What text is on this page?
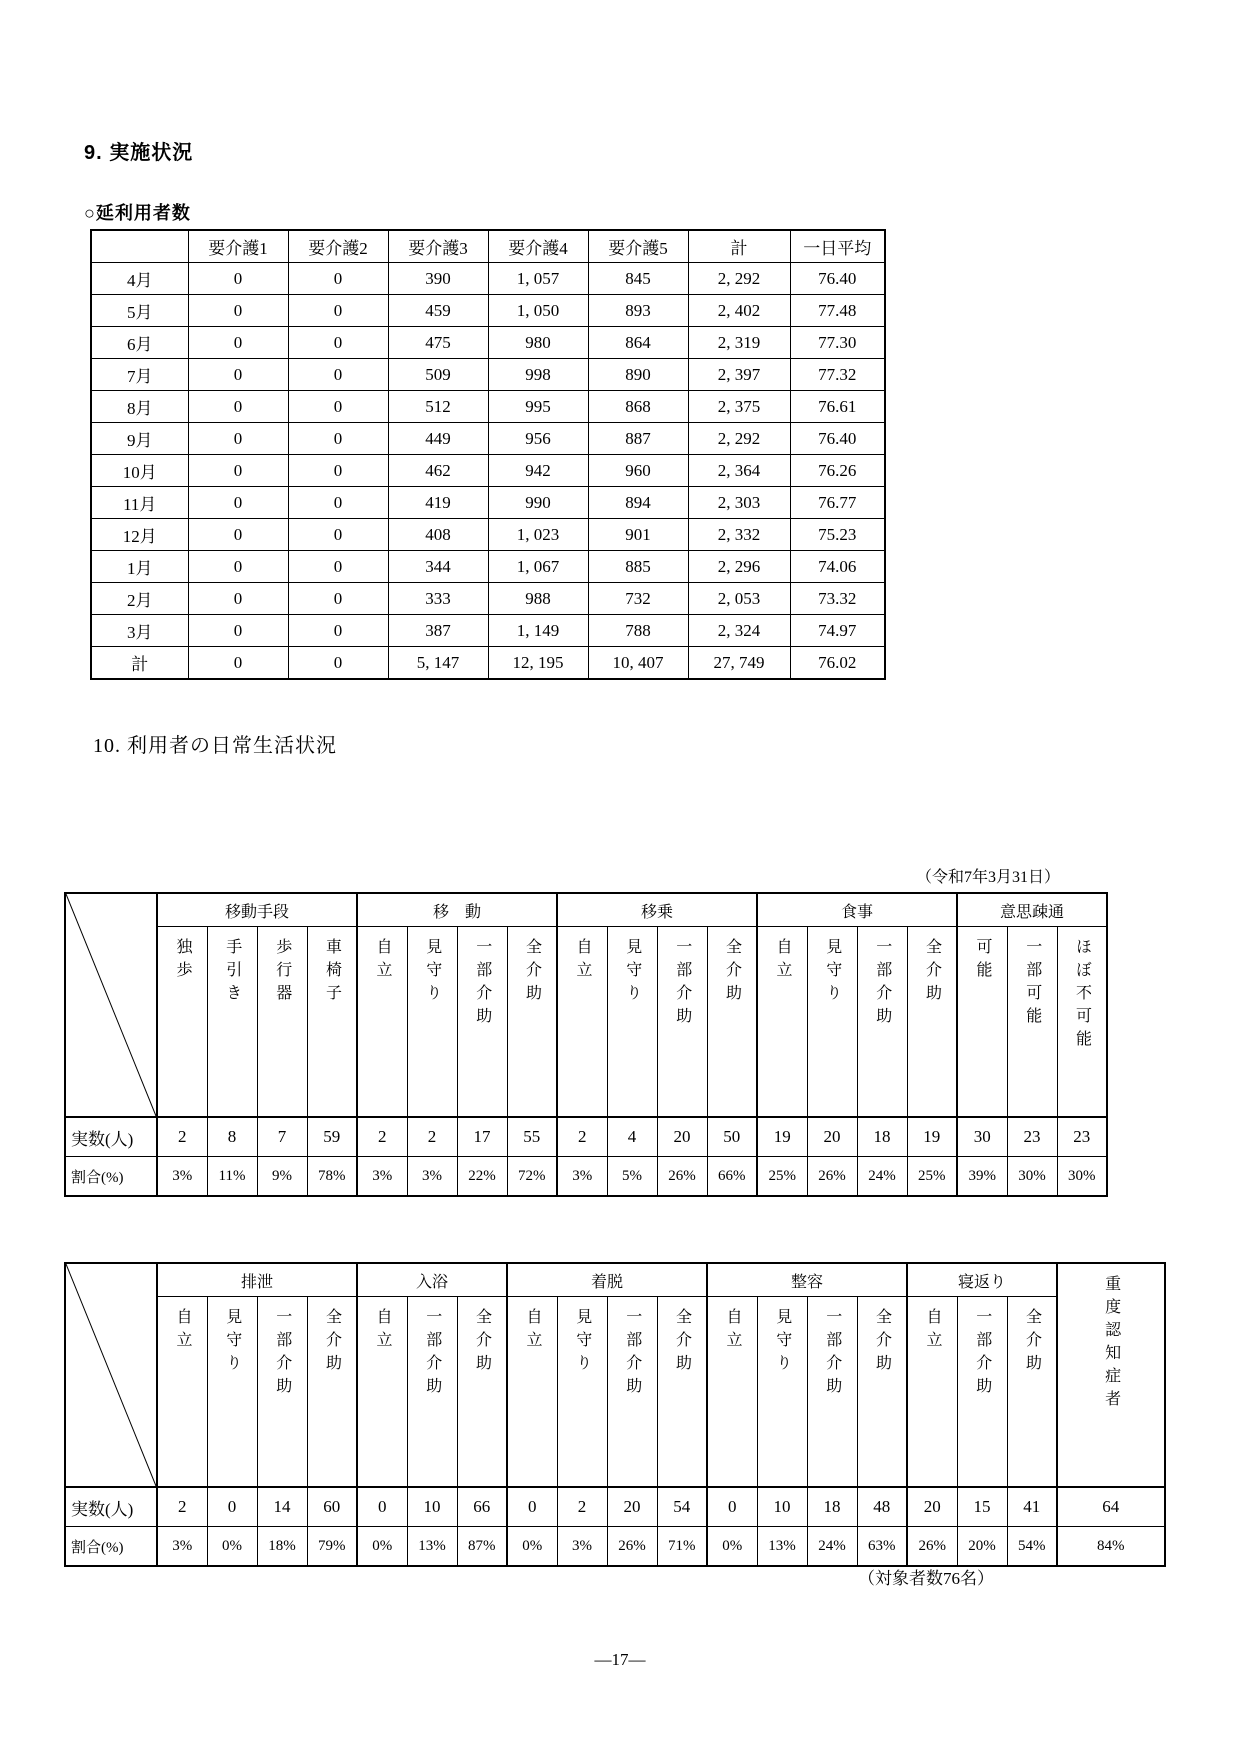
9. 実施状況
○延利用者数
	要介護1	要介護2	要介護3	要介護4	要介護5	計	一日平均
4月	0	0	390	1, 057	845	2, 292	76.40
5月	0	0	459	1, 050	893	2, 402	77.48
6月	0	0	475	980	864	2, 319	77.30
7月	0	0	509	998	890	2, 397	77.32
8月	0	0	512	995	868	2, 375	76.61
9月	0	0	449	956	887	2, 292	76.40
10月	0	0	462	942	960	2, 364	76.26
11月	0	0	419	990	894	2, 303	76.77
12月	0	0	408	1, 023	901	2, 332	75.23
1月	0	0	344	1, 067	885	2, 296	74.06
2月	0	0	333	988	732	2, 053	73.32
3月	0	0	387	1, 149	788	2, 324	74.97
計	0	0	5, 147	12, 195	10, 407	27, 749	76.02
10. 利用者の日常生活状況
（令和7年3月31日）
	移動手段				移　動				移乗				食事				意思疎通		
	独歩	手引き	歩行器	車椅子	自立	見守り	一部介助	全介助	自立	見守り	一部介助	全介助	自立	見守り	一部介助	全介助	可能	一部可能	ほぼ不可能
実数(人)	2	8	7	59	2	2	17	55	2	4	20	50	19	20	18	19	30	23	23
割合(%)	3%	11%	9%	78%	3%	3%	22%	72%	3%	5%	26%	66%	25%	26%	24%	25%	39%	30%	30%
	排泄				入浴			着脱				整容				寝返り			重度認知症者
	自立	見守り	一部介助	全介助	自立	一部介助	全介助	自立	見守り	一部介助	全介助	自立	見守り	一部介助	全介助	自立	一部介助	全介助	
実数(人)	2	0	14	60	0	10	66	0	2	20	54	0	10	18	48	20	15	41	64
割合(%)	3%	0%	18%	79%	0%	13%	87%	0%	3%	26%	71%	0%	13%	24%	63%	26%	20%	54%	84%
（対象者数76名）
—17—
